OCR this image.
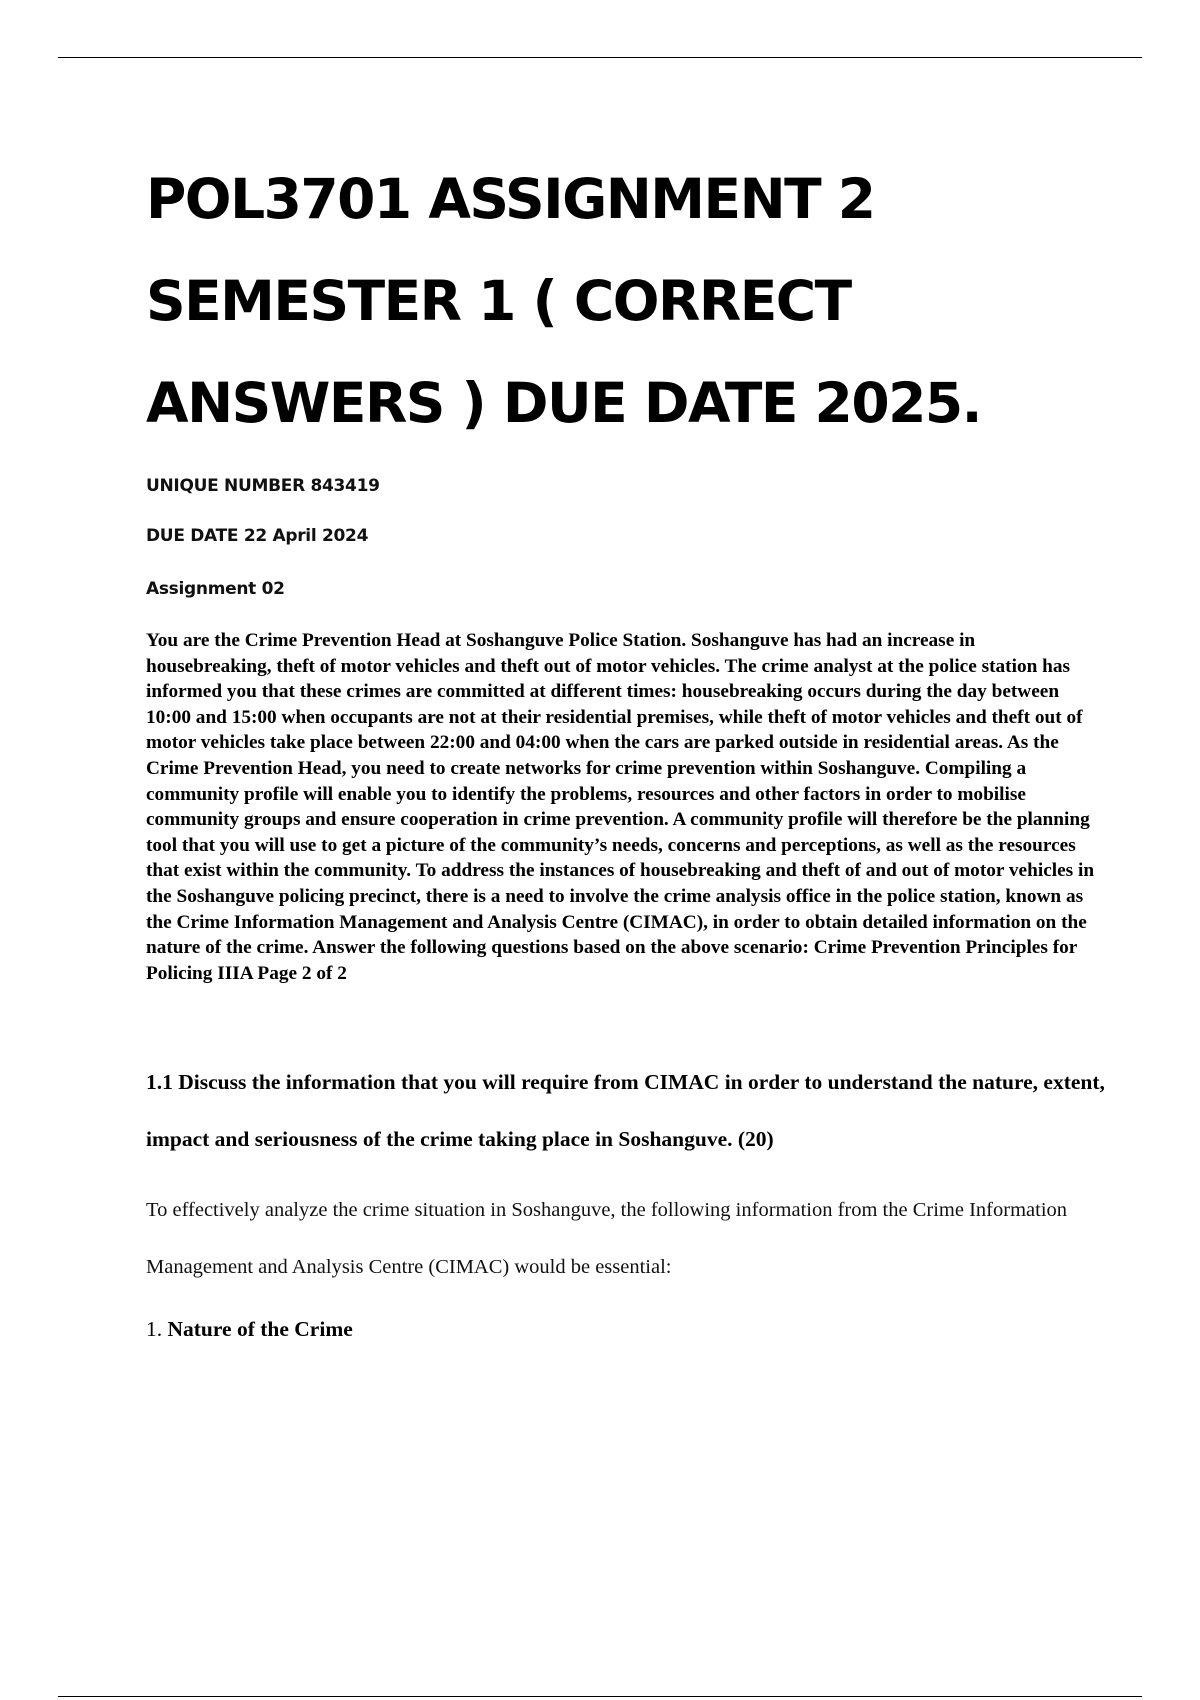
POL3701 ASSIGNMENT 2 SEMESTER 1 ( CORRECT ANSWERS ) DUE DATE 2025.

UNIQUE NUMBER 843419

DUE DATE 22 April 2024

Assignment 02

You are the Crime Prevention Head at Soshanguve Police Station. Soshanguve has had an increase in housebreaking, theft of motor vehicles and theft out of motor vehicles. The crime analyst at the police station has informed you that these crimes are committed at different times: housebreaking occurs during the day between 10:00 and 15:00 when occupants are not at their residential premises, while theft of motor vehicles and theft out of motor vehicles take place between 22:00 and 04:00 when the cars are parked outside in residential areas. As the Crime Prevention Head, you need to create networks for crime prevention within Soshanguve. Compiling a community profile will enable you to identify the problems, resources and other factors in order to mobilise community groups and ensure cooperation in crime prevention. A community profile will therefore be the planning tool that you will use to get a picture of the community’s needs, concerns and perceptions, as well as the resources that exist within the community. To address the instances of housebreaking and theft of and out of motor vehicles in the Soshanguve policing precinct, there is a need to involve the crime analysis office in the police station, known as the Crime Information Management and Analysis Centre (CIMAC), in order to obtain detailed information on the nature of the crime. Answer the following questions based on the above scenario: Crime Prevention Principles for Policing IIIA Page 2 of 2

1.1 Discuss the information that you will require from CIMAC in order to understand the nature, extent, impact and seriousness of the crime taking place in Soshanguve. (20)

To effectively analyze the crime situation in Soshanguve, the following information from the Crime Information Management and Analysis Centre (CIMAC) would be essential:

1. Nature of the Crime
